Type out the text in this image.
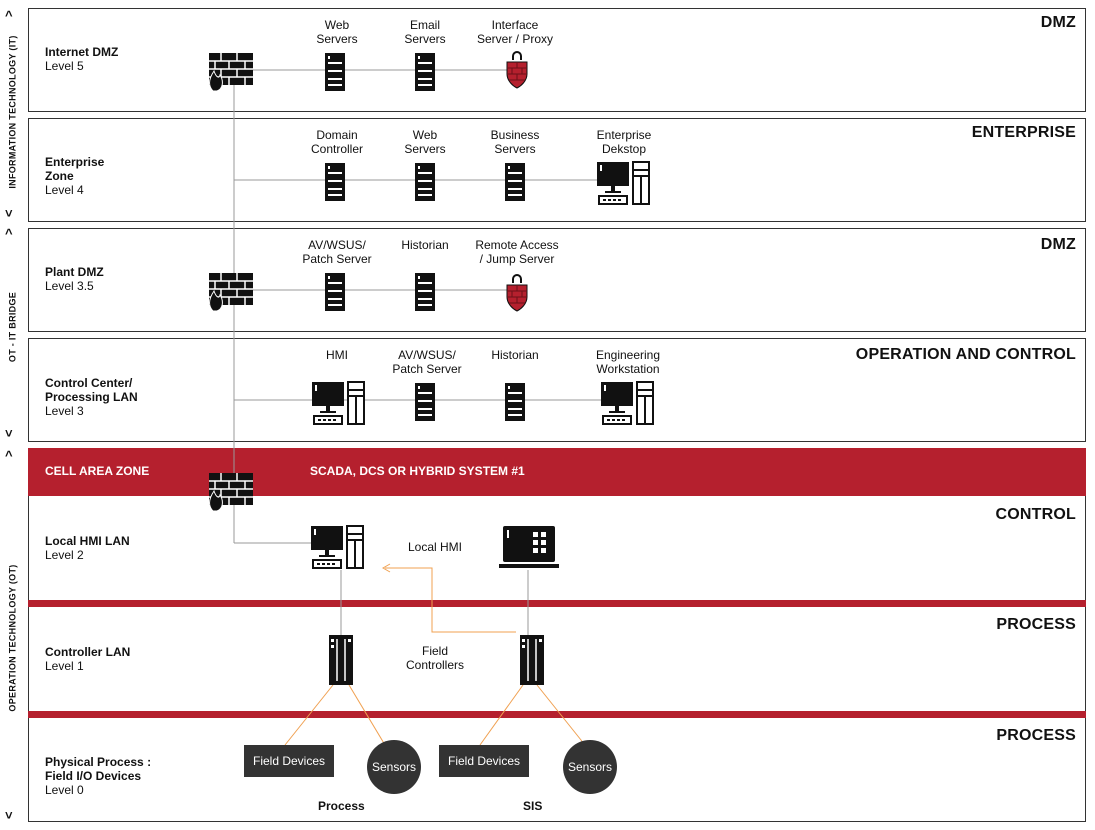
^
INFORMATION TECHNOLOGY (IT)
˅
^
OT - IT BRIDGE
˅
^
OPERATION TECHNOLOGY (OT)
˅
Internet DMZ
Level 5
Enterprise
Zone
Level 4
Plant DMZ
Level 3.5
Control Center/
Processing LAN
Level 3
CELL AREA ZONE	SCADA, DCS OR HYBRID SYSTEM #1
Local HMI LAN
Level 2
Controller LAN
Level 1
Physical Process :
Field I/O Devices
Level 0
DMZ
ENTERPRISE
DMZ
OPERATION AND CONTROL
CONTROL
PROCESS
PROCESS
Web
Servers
Email
Servers
Interface
Server / Proxy
Domain
Controller
Web
Servers
Business
Servers
Enterprise
Dekstop
AV/WSUS/
Patch Server
Historian Remote Access
/ Jump Server
HMI	AV/WSUS/
Patch Server
Historian	Engineering
Workstation
Local HMI
Field
Controllers
Field Devices	Sensors	Field Devices	Sensors
Process	SIS
